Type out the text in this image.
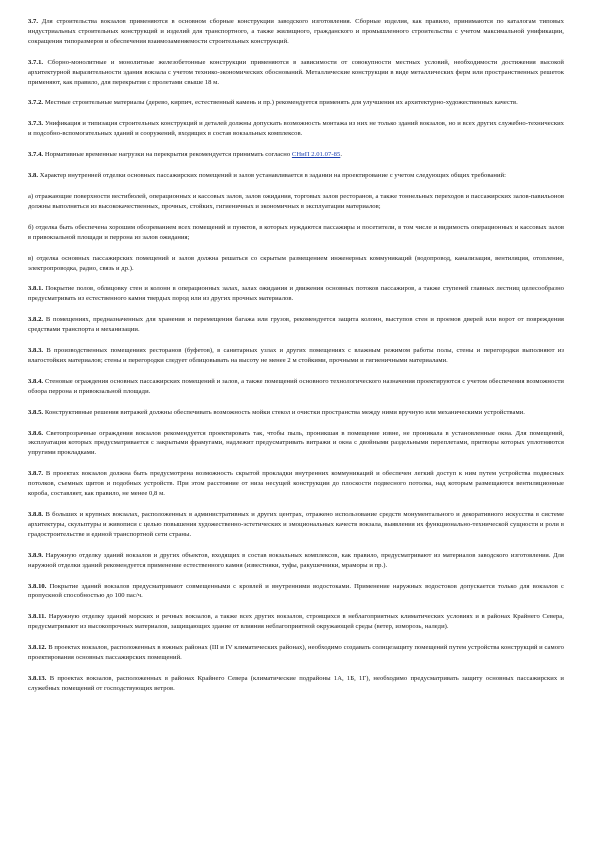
3.7. Для строительства вокзалов применяются в основном сборные конструкции заводского изготовления. Сборные изделия, как правило, принимаются по каталогам типовых индустриальных строительных конструкций и изделий для транспортного, а также жилищного, гражданского и промышленного строительства с учетом максимальной унификации, сокращения типоразмеров и обеспечения взаимозаменяемости строительных конструкций.

3.7.1. Сборно-монолитные и монолитные железобетонные конструкции применяются в зависимости от совокупности местных условий, необходимости достижения высокой архитектурной выразительности здания вокзала с учетом технико-экономических обоснований. Металлические конструкции в виде металлических ферм или пространственных решеток применяют, как правило, для перекрытия с пролетами свыше 18 м.

3.7.2. Местные строительные материалы (дерево, кирпич, естественный камень и пр.) рекомендуется применять для улучшения их архитектурно-художественных качеств.

3.7.3. Унификация и типизация строительных конструкций и деталей должны допускать возможность монтажа из них не только зданий вокзалов, но и всех других служебно-технических и подсобно-вспомогательных зданий и сооружений, входящих в состав вокзальных комплексов.

3.7.4. Нормативные временные нагрузки на перекрытия рекомендуется принимать согласно СНиП 2.01.07-85.

3.8. Характер внутренней отделки основных пассажирских помещений и залов устанавливается в задании на проектирование с учетом следующих общих требований:

а) отражающие поверхности вестибюлей, операционных и кассовых залов, залов ожидания, торговых залов ресторанов, а также тоннельных переходов и пассажирских залов-павильонов должны выполняться из высококачественных, прочных, стойких, гигиеничных и экономичных в эксплуатации материалов;

б) отделка быть обеспечена хорошим обозреванием всех помещений и пунктов, в которых нуждаются пассажиры и посетители, в том числе и видимость операционных и кассовых залов в привокзальной площади и перрона из залов ожидания;

в) отделка основных пассажирских помещений и залов должна решаться со скрытым размещением инженерных коммуникаций (водопровод, канализация, вентиляция, отопление, электропроводка, радио, связь и др.).

3.8.1. Покрытие полов, облицовку стен и колонн в операционных залах, залах ожидания и движения основных потоков пассажиров, а также ступеней главных лестниц целесообразно предусматривать из естественного камня твердых пород или из других прочных материалов.

3.8.2. В помещениях, предназначенных для хранения и перемещения багажа или грузов, рекомендуется защита колонн, выступов стен и проемов дверей или ворот от повреждения средствами транспорта и механизации.

3.8.3. В производственных помещениях ресторанов (буфетов), в санитарных узлах и других помещениях с влажным режимом работы полы, стены и перегородки выполняют из влагостойких материалов; стены и перегородки следует облицовывать на высоту не менее 2 м стойкими, прочными и гигиеничными материалами.

3.8.4. Стеновые ограждения основных пассажирских помещений и залов, а также помещений основного технологического назначения проектируются с учетом обеспечения возможности обзора перрона и привокзальной площади.

3.8.5. Конструктивные решения витражей должны обеспечивать возможность мойки стекол и очистки пространства между ними вручную или механическими устройствами.

3.8.6. Светопрозрачные ограждения вокзалов рекомендуется проектировать так, чтобы пыль, проникшая в помещение извне, не проникала в установленные окна. Для помещений, эксплуатация которых предусматривается с закрытыми фрамугами, надлежит предусматривать витражи и окна с двойными раздельными переплетами, притворы которых уплотняются упругими прокладками.

3.8.7. В проектах вокзалов должна быть предусмотрена возможность скрытой прокладки внутренних коммуникаций и обеспечен легкий доступ к ним путем устройства подвесных потолков, съемных щитов и подобных устройств. При этом расстояние от низа несущей конструкции до плоскости подвесного потолка, над которым размещаются вентиляционные короба, составляет, как правило, не менее 0,8 м.

3.8.8. В больших и крупных вокзалах, расположенных в административных и других центрах, отражено использование средств монументального и декоративного искусства в системе архитектуры, скульптуры и живописи с целью повышения художественно-эстетических и эмоциональных качеств вокзала, выявления их функционально-технической сущности и роли в градостроительстве и единой транспортной сети страны.

3.8.9. Наружную отделку зданий вокзалов и других объектов, входящих в состав вокзальных комплексов, как правило, предусматривают из материалов заводского изготовления. Для наружной отделки зданий рекомендуется применение естественного камня (известняки, туфы, ракушечники, мраморы и пр.).

3.8.10. Покрытие зданий вокзалов предусматривают совмещенными с кровлей и внутренними водостоками. Применение наружных водостоков допускается только для вокзалов с пропускной способностью до 100 пас/ч.

3.8.11. Наружную отделку зданий морских и речных вокзалов, а также всех других вокзалов, строящихся в неблагоприятных климатических условиях и в районах Крайнего Севера, предусматривают из высокопрочных материалов, защищающих здание от влияния неблагоприятной окружающей среды (ветер, изморозь, наледи).

3.8.12. В проектах вокзалов, расположенных в южных районах (III и IV климатических районах), необходимо создавать солнцезащиту помещений путем устройства конструкций и самого проектирования основных пассажирских помещений.

3.8.13. В проектах вокзалов, расположенных в районах Крайнего Севера (климатические подрайоны 1А, 1Б, 1Г), необходимо предусматривать защиту основных пассажирских и служебных помещений от господствующих ветров.
